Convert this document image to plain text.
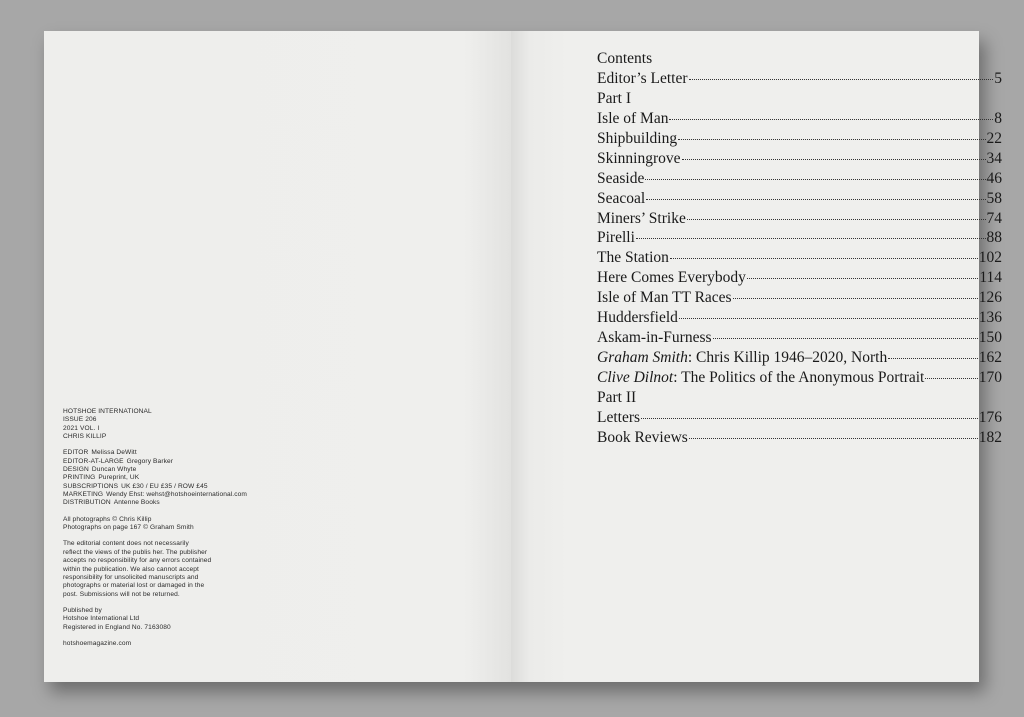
HOTSHOE INTERNATIONAL
ISSUE 206
2021 VOL. I
CHRIS KILLIP
EDITOR Melissa DeWitt
EDITOR-AT-LARGE Gregory Barker
DESIGN Duncan Whyte
PRINTING Pureprint, UK
SUBSCRIPTIONS UK £30 / EU £35 / ROW £45
MARKETING Wendy Ehst: wehst@hotshoeinternational.com
DISTRIBUTION Antenne Books
All photographs © Chris Killip
Photographs on page 167 © Graham Smith
The editorial content does not necessarily
reflect the views of the publis her. The publisher
accepts no responsibility for any errors contained
within the publication. We also cannot accept
responsibility for unsolicited manuscripts and
photographs or material lost or damaged in the
post. Submissions will not be returned.
Published by
Hotshoe International Ltd
Registered in England No. 7163080
hotshoemagazine.com
Contents
Editor’s Letter	5
Part I
Isle of Man	8
Shipbuilding	22
Skinningrove	34
Seaside	46
Seacoal	58
Miners’ Strike	74
Pirelli	88
The Station	102
Here Comes Everybody	114
Isle of Man TT Races	126
Huddersfield	136
Askam-in-Furness	150
Graham Smith: Chris Killip 1946–2020, North	162
Clive Dilnot: The Politics of the Anonymous Portrait	170
Part II
Letters	176
Book Reviews	182
